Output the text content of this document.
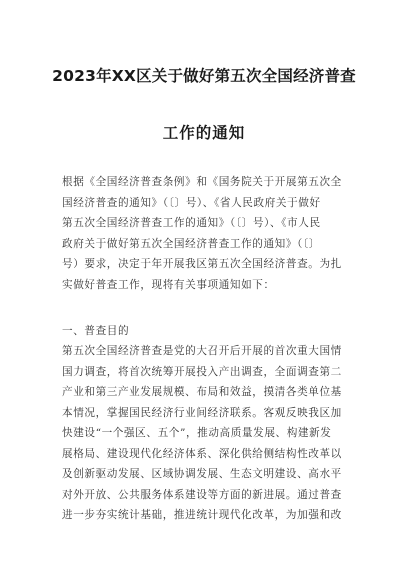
2023年XX区关于做好第五次全国经济普查
工作的通知
根据《全国经济普查条例》和《国务院关于开展第五次全
国经济普查的通知》（〔〕号）、《省人民政府关于做好
第五次全国经济普查工作的通知》（〔〕号）、《市人民
政府关于做好第五次全国经济普查工作的通知》（〔〕
号）要求，决定于年开展我区第五次全国经济普查。为扎
实做好普查工作，现将有关事项通知如下：
一、普查目的
第五次全国经济普查是党的大召开后开展的首次重大国情
国力调查，将首次统筹开展投入产出调查，全面调查第二
产业和第三产业发展规模、布局和效益，摸清各类单位基
本情况，掌握国民经济行业间经济联系。客观反映我区加
快建设“一个强区、五个”，推动高质量发展、构建新发
展格局、建设现代化经济体系、深化供给侧结构性改革以
及创新驱动发展、区域协调发展、生态文明建设、高水平
对外开放、公共服务体系建设等方面的新进展。通过普查
进一步夯实统计基础，推进统计现代化改革，为加强和改
